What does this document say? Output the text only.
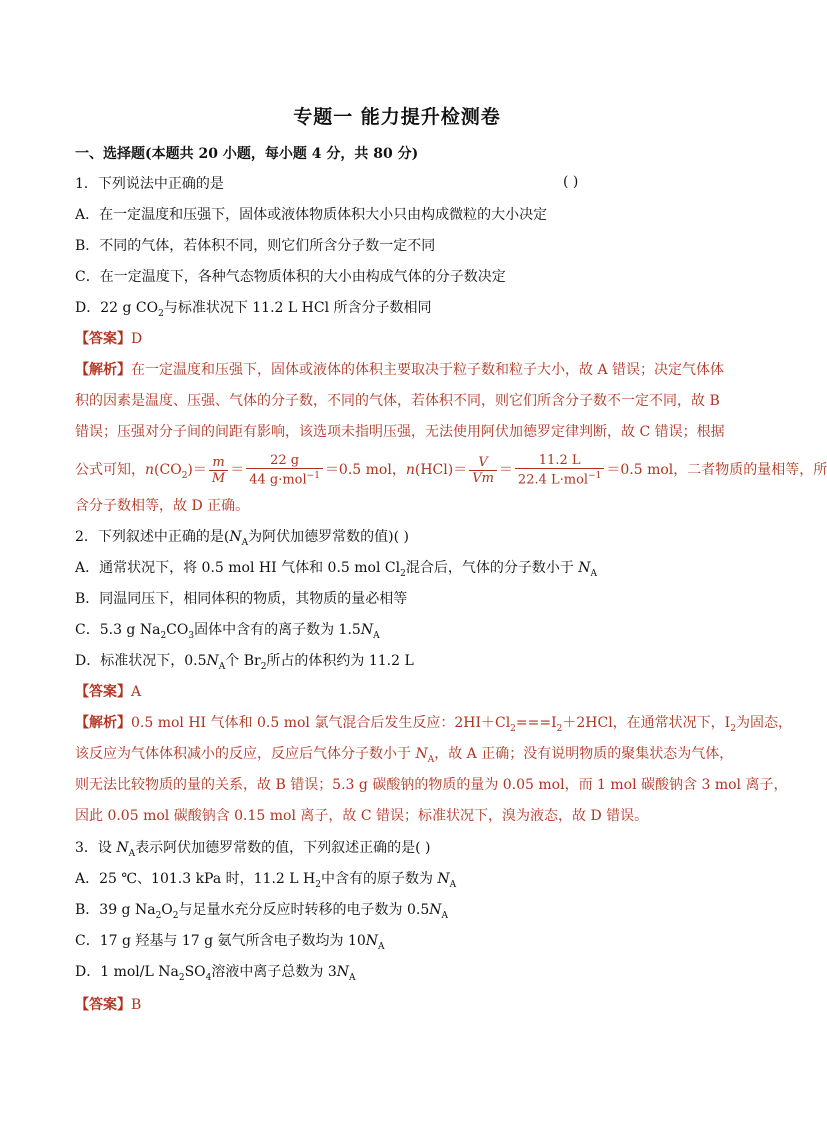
专题一 能力提升检测卷
一、选择题(本题共 20 小题，每小题 4 分，共 80 分)
1．下列说法中正确的是	( )
A．在一定温度和压强下，固体或液体物质体积大小只由构成微粒的大小决定
B．不同的气体，若体积不同，则它们所含分子数一定不同
C．在一定温度下，各种气态物质体积的大小由构成气体的分子数决定
D．22 g $CO_2$与标准状况下 11.2 L HCl 所含分子数相同
【答案】D
【解析】在一定温度和压强下，固体或液体的体积主要取决于粒子数和粒子大小，故 A 错误；决定气体体
积的因素是温度、压强、气体的分子数，不同的气体，若体积不同，则它们所含分子数不一定不同，故 B
错误；压强对分子间的间距有影响，该选项未指明压强，无法使用阿伏加德罗定律判断，故 C 错误；根据
公式可知，$n(CO_2)= \frac{m}{M} = \frac{22 g}{44 g\cdot mol^{-1}} =0.5$ mol，$n(HCl)= \frac{V}{Vm} = \frac{11.2 L}{22.4 L\cdot mol^{-1}} =0.5$ mol，二者物质的量相等，所
含分子数相等，故 D 正确。
2．下列叙述中正确的是($N_A$为阿伏加德罗常数的值)( )
A．通常状况下，将 0.5 mol HI 气体和 0.5 mol $Cl_2$混合后，气体的分子数小于 $N_A$
B．同温同压下，相同体积的物质，其物质的量必相等
C．5.3 g $Na_2CO_3$固体中含有的离子数为 $1.5N_A$
D．标准状况下，$0.5N_A$个 $Br_2$所占的体积约为 11.2 L
【答案】A
【解析】0.5 mol HI 气体和 0.5 mol 氯气混合后发生反应：$2HI+Cl_2===I_2+2HCl$，在通常状况下，$I_2$为固态，
该反应为气体体积减小的反应，反应后气体分子数小于 $N_A$，故 A 正确；没有说明物质的聚集状态为气体，
则无法比较物质的量的关系，故 B 错误；5.3 g 碳酸钠的物质的量为 0.05 mol，而 1 mol 碳酸钠含 3 mol 离子，
因此 0.05 mol 碳酸钠含 0.15 mol 离子，故 C 错误；标准状况下，溴为液态，故 D 错误。
3．设 $N_A$表示阿伏加德罗常数的值，下列叙述正确的是( )
A．25 ℃、101.3 kPa 时，11.2 L $H_2$中含有的原子数为 $N_A$
B．39 g $Na_2O_2$与足量水充分反应时转移的电子数为 $0.5N_A$
C．17 g 羟基与 17 g 氨气所含电子数均为 $10N_A$
D．1 mol/L $Na_2SO_4$溶液中离子总数为 $3N_A$
【答案】B
